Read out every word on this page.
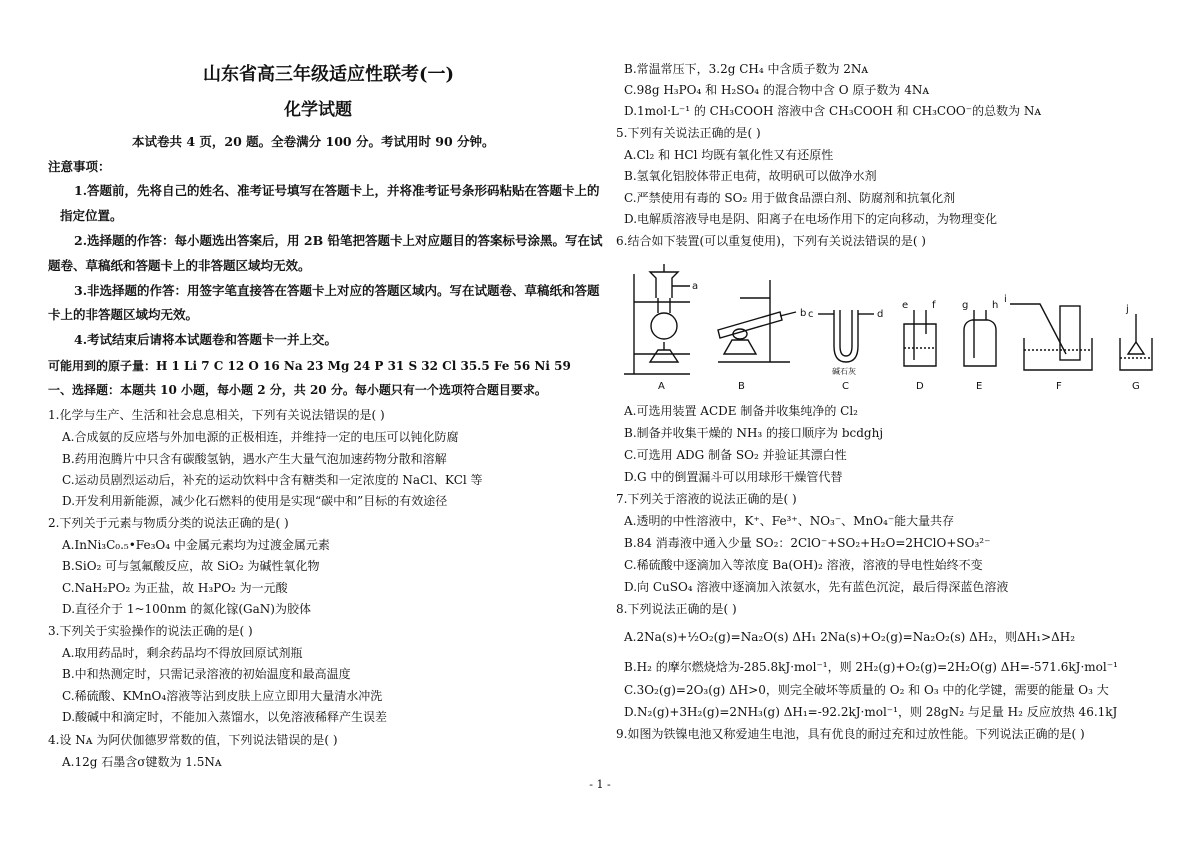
山东省高三年级适应性联考(一)
化学试题
本试卷共 4 页，20 题。全卷满分 100 分。考试用时 90 分钟。
注意事项：
1.答题前，先将自己的姓名、准考证号填写在答题卡上，并将准考证号条形码粘贴在答题卡上的
指定位置。
2.选择题的作答：每小题选出答案后，用 2B 铅笔把答题卡上对应题目的答案标号涂黑。写在试
题卷、草稿纸和答题卡上的非答题区域均无效。
3.非选择题的作答：用签字笔直接答在答题卡上对应的答题区域内。写在试题卷、草稿纸和答题
卡上的非答题区域均无效。
4.考试结束后请将本试题卷和答题卡一并上交。
可能用到的原子量：H 1 Li 7 C 12 O 16 Na 23 Mg 24 P 31 S 32 Cl 35.5 Fe 56 Ni 59
一、选择题：本题共 10 小题，每小题 2 分，共 20 分。每小题只有一个选项符合题目要求。
1.化学与生产、生活和社会息息相关，下列有关说法错误的是( )
A.合成氨的反应塔与外加电源的正极相连，并维持一定的电压可以钝化防腐
B.药用泡腾片中只含有碳酸氢钠，遇水产生大量气泡加速药物分散和溶解
C.运动员剧烈运动后，补充的运动饮料中含有糖类和一定浓度的 NaCl、KCl 等
D.开发利用新能源，减少化石燃料的使用是实现“碳中和”目标的有效途径
2.下列关于元素与物质分类的说法正确的是( )
A.InNi₃C₀.₅•Fe₃O₄ 中金属元素均为过渡金属元素
B.SiO₂ 可与氢氟酸反应，故 SiO₂ 为碱性氧化物
C.NaH₂PO₂ 为正盐，故 H₃PO₂ 为一元酸
D.直径介于 1~100nm 的氮化镓(GaN)为胶体
3.下列关于实验操作的说法正确的是( )
A.取用药品时，剩余药品均不得放回原试剂瓶
B.中和热测定时，只需记录溶液的初始温度和最高温度
C.稀硫酸、KMnO₄溶液等沾到皮肤上应立即用大量清水冲洗
D.酸碱中和滴定时，不能加入蒸馏水，以免溶液稀释产生误差
4.设 Nᴀ 为阿伏伽德罗常数的值，下列说法错误的是( )
A.12g 石墨含σ键数为 1.5Nᴀ
B.常温常压下，3.2g CH₄ 中含质子数为 2Nᴀ
C.98g H₃PO₄ 和 H₂SO₄ 的混合物中含 O 原子数为 4Nᴀ
D.1mol·L⁻¹ 的 CH₃COOH 溶液中含 CH₃COOH 和 CH₃COO⁻的总数为 Nᴀ
5.下列有关说法正确的是( )
A.Cl₂ 和 HCl 均既有氧化性又有还原性
B.氢氧化铝胶体带正电荷，故明矾可以做净水剂
C.严禁使用有毒的 SO₂ 用于做食品漂白剂、防腐剂和抗氧化剂
D.电解质溶液导电是阴、阳离子在电场作用下的定向移动，为物理变化
6.结合如下装置(可以重复使用)，下列有关说法错误的是( )
a
b c	d
e f	g h
i
j
碱石灰
A	B	C	D	E	F	G
A.可选用装置 ACDE 制备并收集纯净的 Cl₂
B.制备并收集干燥的 NH₃ 的接口顺序为 bcdghj
C.可选用 ADG 制备 SO₂ 并验证其漂白性
D.G 中的倒置漏斗可以用球形干燥管代替
7.下列关于溶液的说法正确的是( )
A.透明的中性溶液中，K⁺、Fe³⁺、NO₃⁻、MnO₄⁻能大量共存
B.84 消毒液中通入少量 SO₂：2ClO⁻+SO₂+H₂O=2HClO+SO₃²⁻
C.稀硫酸中逐滴加入等浓度 Ba(OH)₂ 溶液，溶液的导电性始终不变
D.向 CuSO₄ 溶液中逐滴加入浓氨水，先有蓝色沉淀，最后得深蓝色溶液
8.下列说法正确的是( )
A.2Na(s)+½O₂(g)=Na₂O(s) ΔH₁ 2Na(s)+O₂(g)=Na₂O₂(s) ΔH₂，则ΔH₁>ΔH₂
B.H₂ 的摩尔燃烧焓为-285.8kJ·mol⁻¹，则 2H₂(g)+O₂(g)=2H₂O(g) ΔH=-571.6kJ·mol⁻¹
C.3O₂(g)=2O₃(g) ΔH>0，则完全破坏等质量的 O₂ 和 O₃ 中的化学键，需要的能量 O₃ 大
D.N₂(g)+3H₂(g)=2NH₃(g) ΔH₁=-92.2kJ·mol⁻¹，则 28gN₂ 与足量 H₂ 反应放热 46.1kJ
9.如图为铁镍电池又称爱迪生电池，具有优良的耐过充和过放性能。下列说法正确的是( )
- 1 -
